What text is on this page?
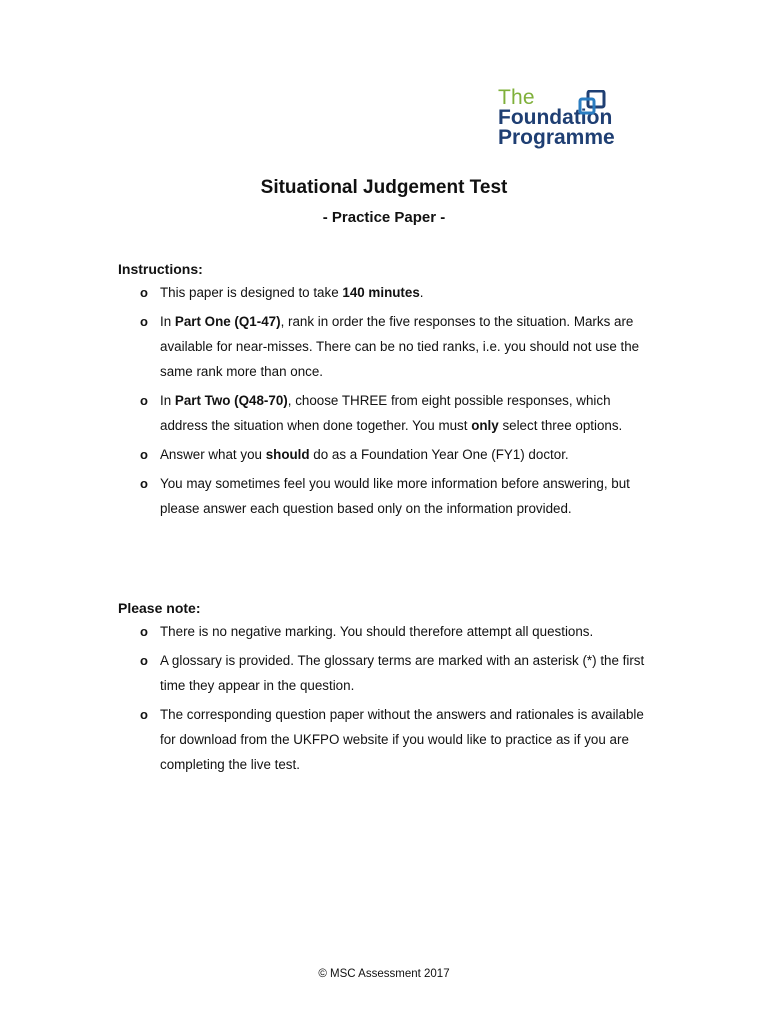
The
Foundation
Programme
Situational Judgement Test
- Practice Paper -
Instructions:
o This paper is designed to take 140 minutes.
o In Part One (Q1-47), rank in order the five responses to the situation. Marks are available for near-misses. There can be no tied ranks, i.e. you should not use the same rank more than once.
o In Part Two (Q48-70), choose THREE from eight possible responses, which address the situation when done together. You must only select three options.
o Answer what you should do as a Foundation Year One (FY1) doctor.
o You may sometimes feel you would like more information before answering, but please answer each question based only on the information provided.
Please note:
o There is no negative marking. You should therefore attempt all questions.
o A glossary is provided. The glossary terms are marked with an asterisk (*) the first time they appear in the question.
o The corresponding question paper without the answers and rationales is available for download from the UKFPO website if you would like to practice as if you are completing the live test.
© MSC Assessment 2017
